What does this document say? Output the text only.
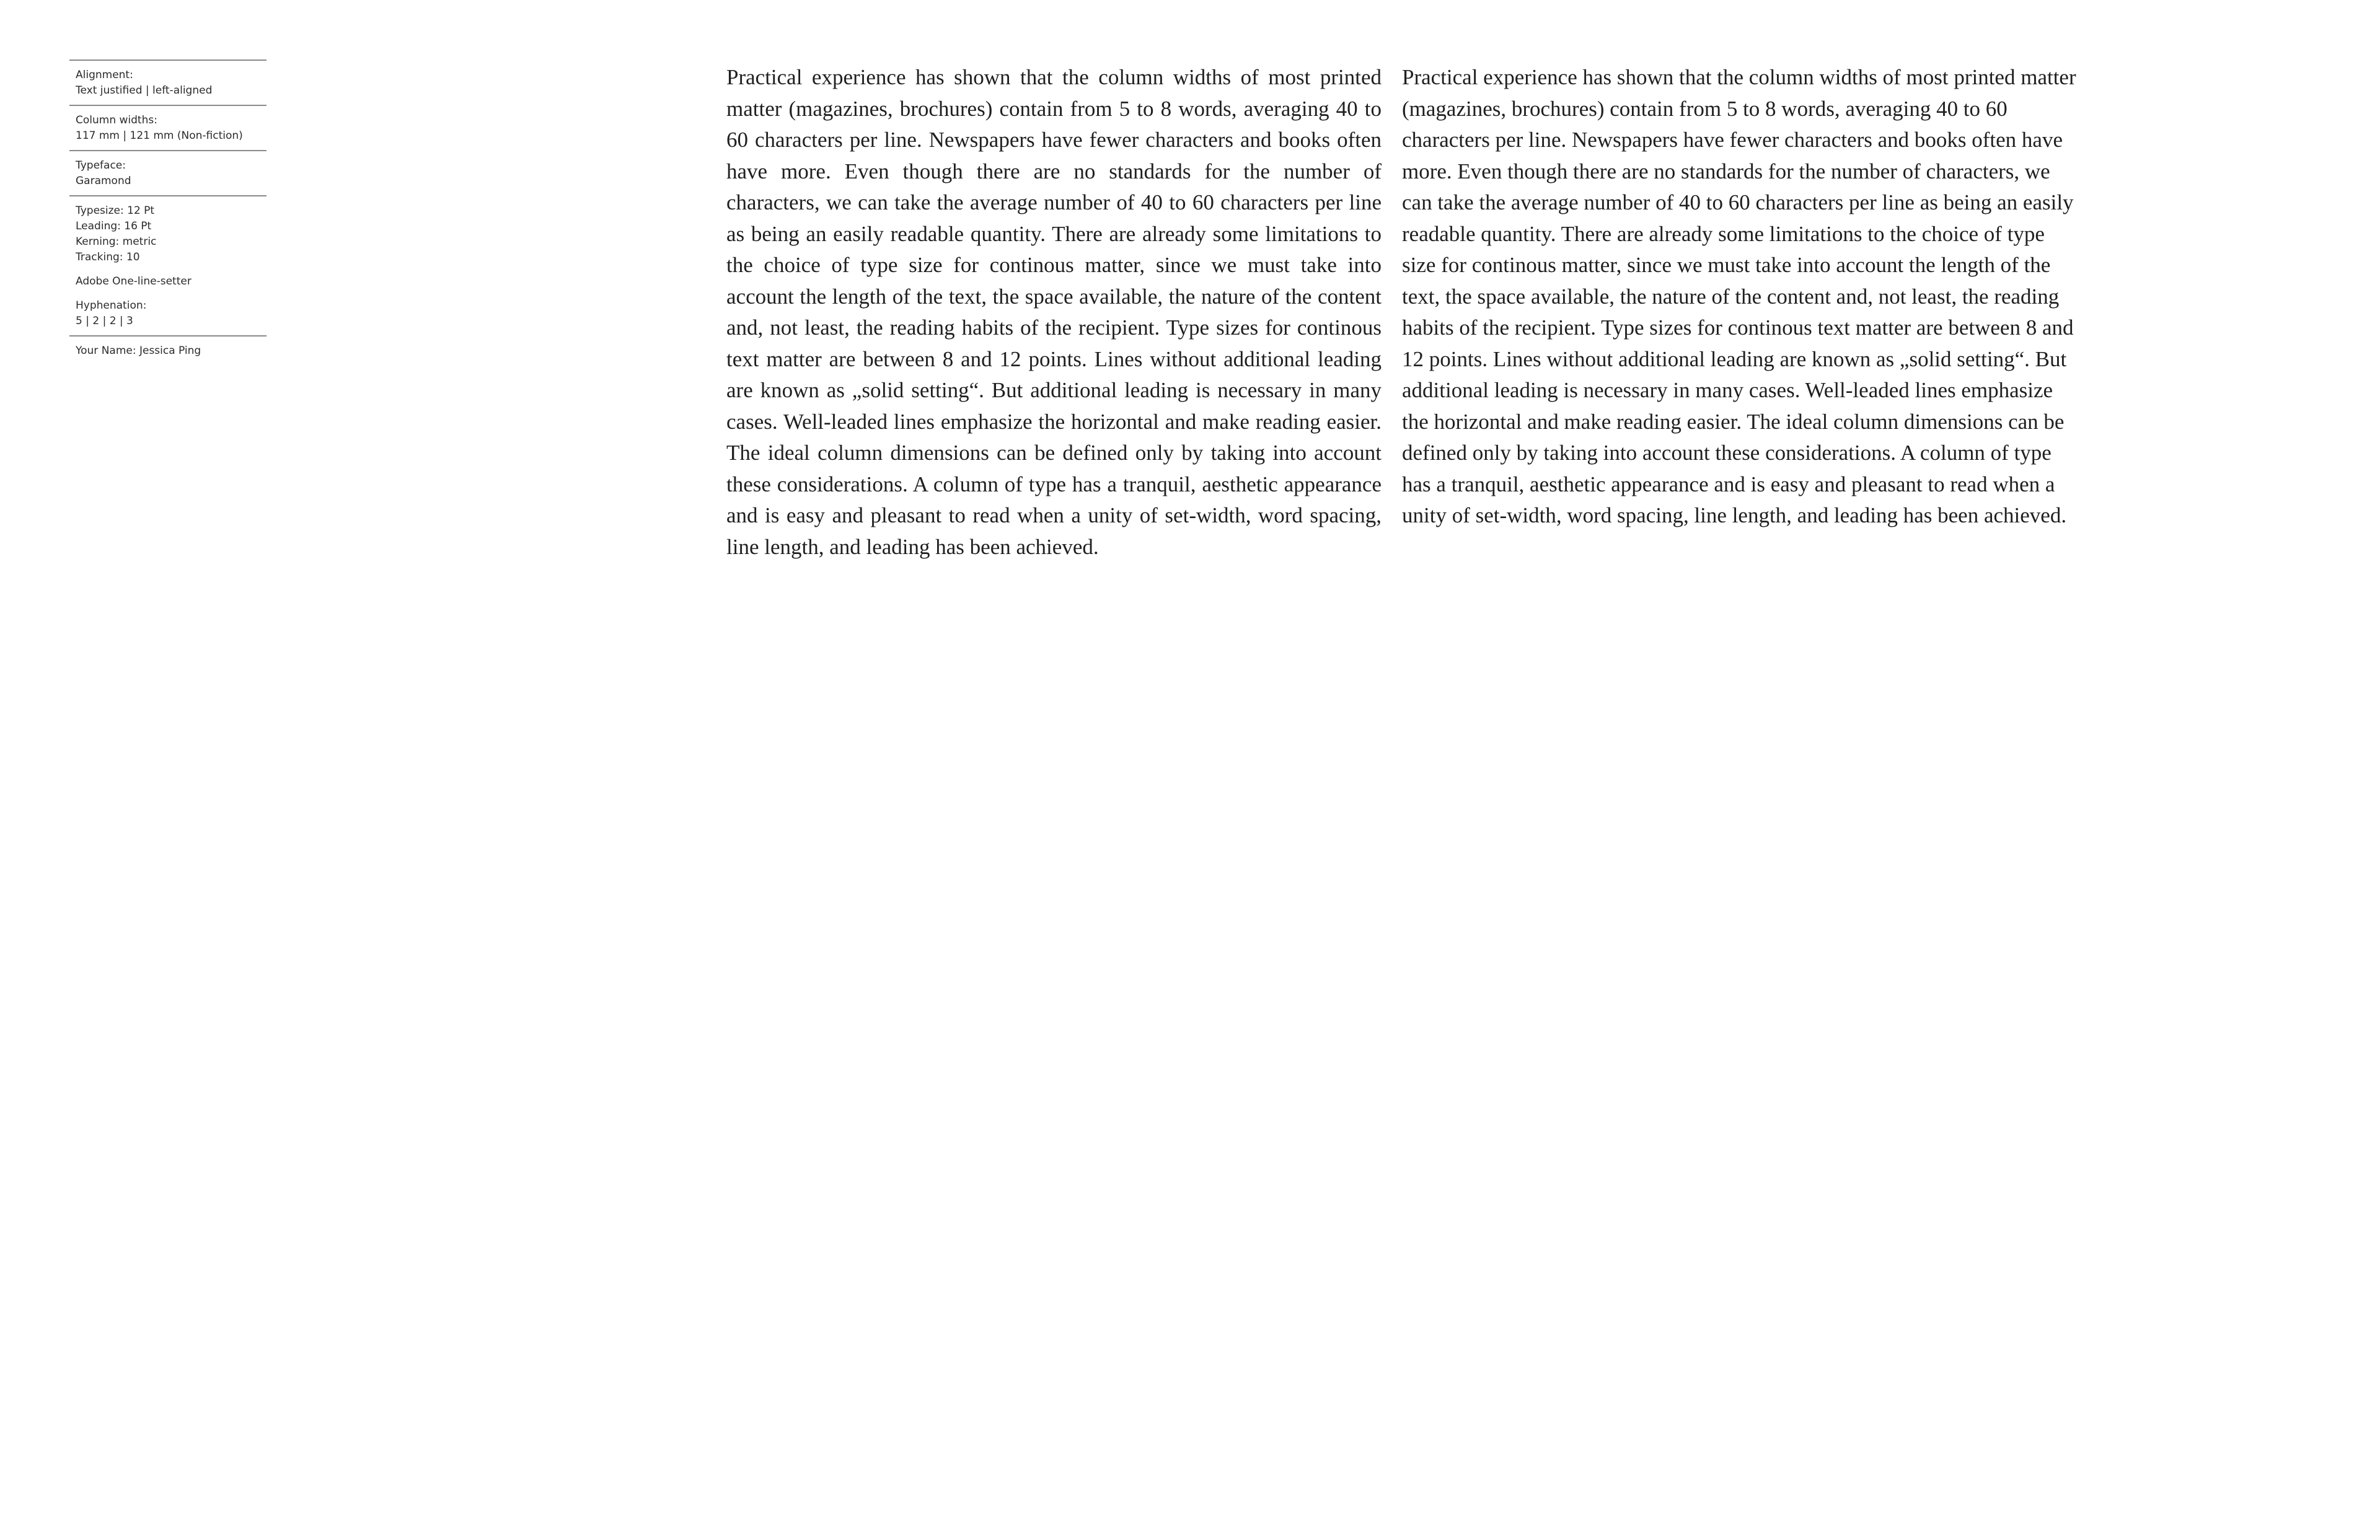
Alignment:
Text justified | left-aligned
Column widths:
117 mm | 121 mm (Non-fiction)
Typeface:
Garamond
Typesize: 12 Pt
Leading: 16 Pt
Kerning: metric
Tracking: 10
Adobe One-line-setter
Hyphenation:
5 | 2 | 2 | 3
Your Name: Jessica Ping

Practical experience has shown that the column widths of most printed matter (magazines, brochures) contain from 5 to 8 words, averaging 40 to 60 characters per line. Newspapers have fewer characters and books often have more. Even though there are no standards for the number of characters, we can take the average number of 40 to 60 characters per line as being an easily readable quantity. There are already some limitations to the choice of type size for continous matter, since we must take into account the length of the text, the space available, the nature of the content and, not least, the reading habits of the recipient. Type sizes for continous text matter are between 8 and 12 points. Lines without additional leading are known as „solid setting“. But additional leading is necessary in many cases. Well-leaded lines emphasize the horizontal and make reading easier. The ideal column dimensions can be defined only by taking into account these considerations. A column of type has a tranquil, aesthetic appearance and is easy and pleasant to read when a unity of set-width, word spacing, line length, and leading has been achieved.

Practical experience has shown that the column widths of most printed matter (magazines, brochures) contain from 5 to 8 words, averaging 40 to 60 characters per line. Newspapers have fewer characters and books often have more. Even though there are no standards for the number of characters, we can take the average number of 40 to 60 characters per line as being an easily readable quantity. There are already some limitations to the choice of type size for continous matter, since we must take into account the length of the text, the space available, the nature of the content and, not least, the reading habits of the recipient. Type sizes for continous text matter are between 8 and 12 points. Lines without additional leading are known as „solid setting“. But additional leading is necessary in many cases. Well-leaded lines emphasize the horizontal and make reading easier. The ideal column dimensions can be defined only by taking into account these considerations. A column of type has a tranquil, aesthetic appearance and is easy and pleasant to read when a unity of set-width, word spacing, line length, and leading has been achieved.
